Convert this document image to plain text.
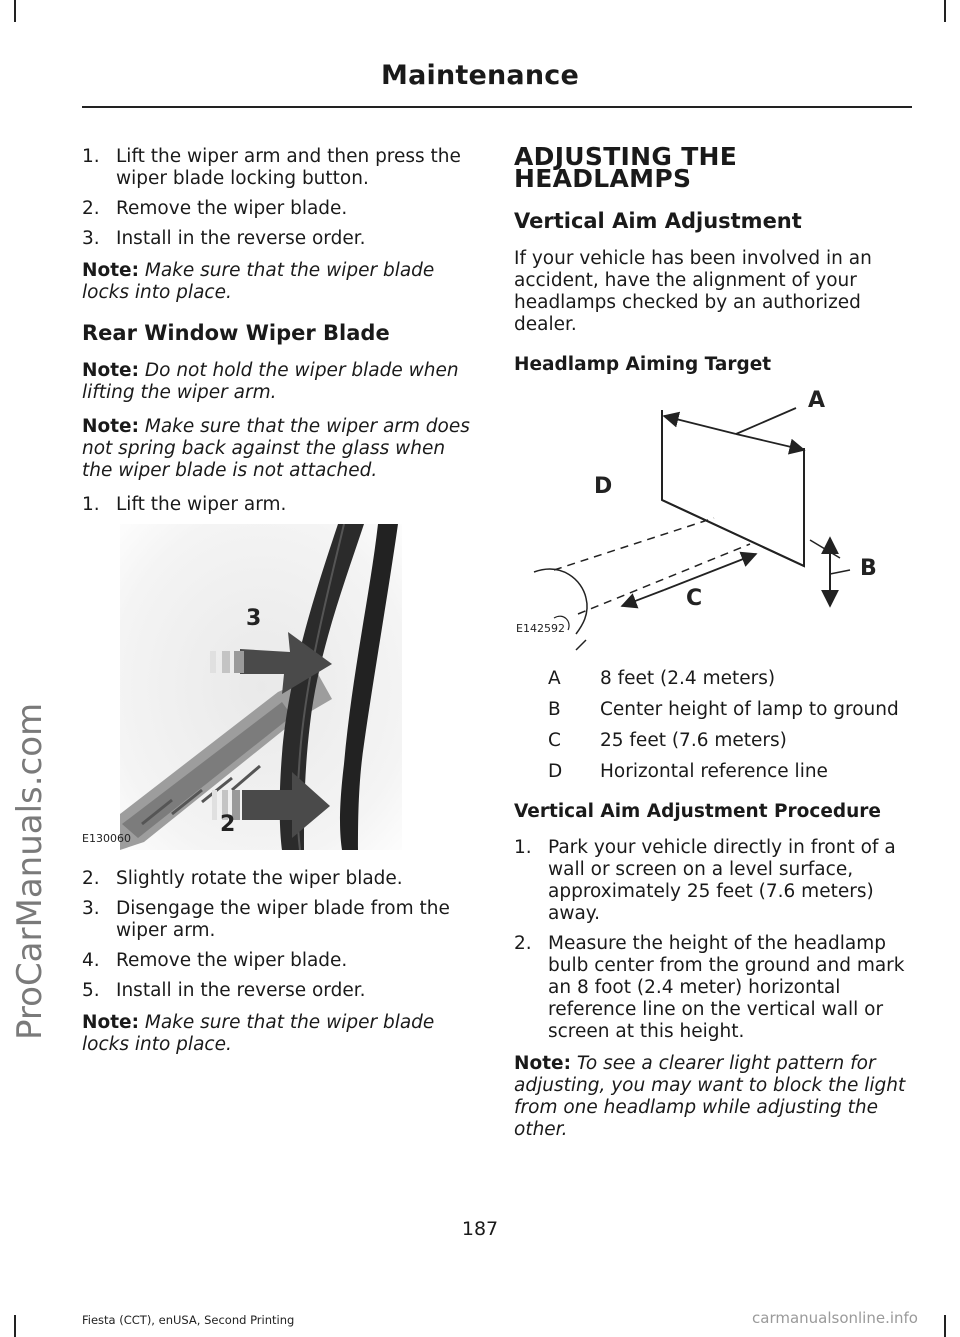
Maintenance
ProCarManuals.com
1. Lift the wiper arm and then press the wiper blade locking button.
2. Remove the wiper blade.
3. Install in the reverse order.
Note: Make sure that the wiper blade locks into place.
Rear Window Wiper Blade
Note: Do not hold the wiper blade when lifting the wiper arm.
Note: Make sure that the wiper arm does not spring back against the glass when the wiper blade is not attached.
1. Lift the wiper arm.
3
2
E130060
2. Slightly rotate the wiper blade.
3. Disengage the wiper blade from the wiper arm.
4. Remove the wiper blade.
5. Install in the reverse order.
Note: Make sure that the wiper blade locks into place.
ADJUSTING THE HEADLAMPS
Vertical Aim Adjustment

If your vehicle has been involved in an accident, have the alignment of your headlamps checked by an authorized dealer.

Headlamp Aiming Target
A
D
B
C
E142592
A	8 feet (2.4 meters)
B	Center height of lamp to ground
C	25 feet (7.6 meters)
D	Horizontal reference line
Vertical Aim Adjustment Procedure
1. Park your vehicle directly in front of a wall or screen on a level surface, approximately 25 feet (7.6 meters) away.
2. Measure the height of the headlamp bulb center from the ground and mark an 8 foot (2.4 meter) horizontal reference line on the vertical wall or screen at this height.
Note: To see a clearer light pattern for adjusting, you may want to block the light from one headlamp while adjusting the other.
187
Fiesta (CCT), enUSA, Second Printing	carmanualsonline.info
